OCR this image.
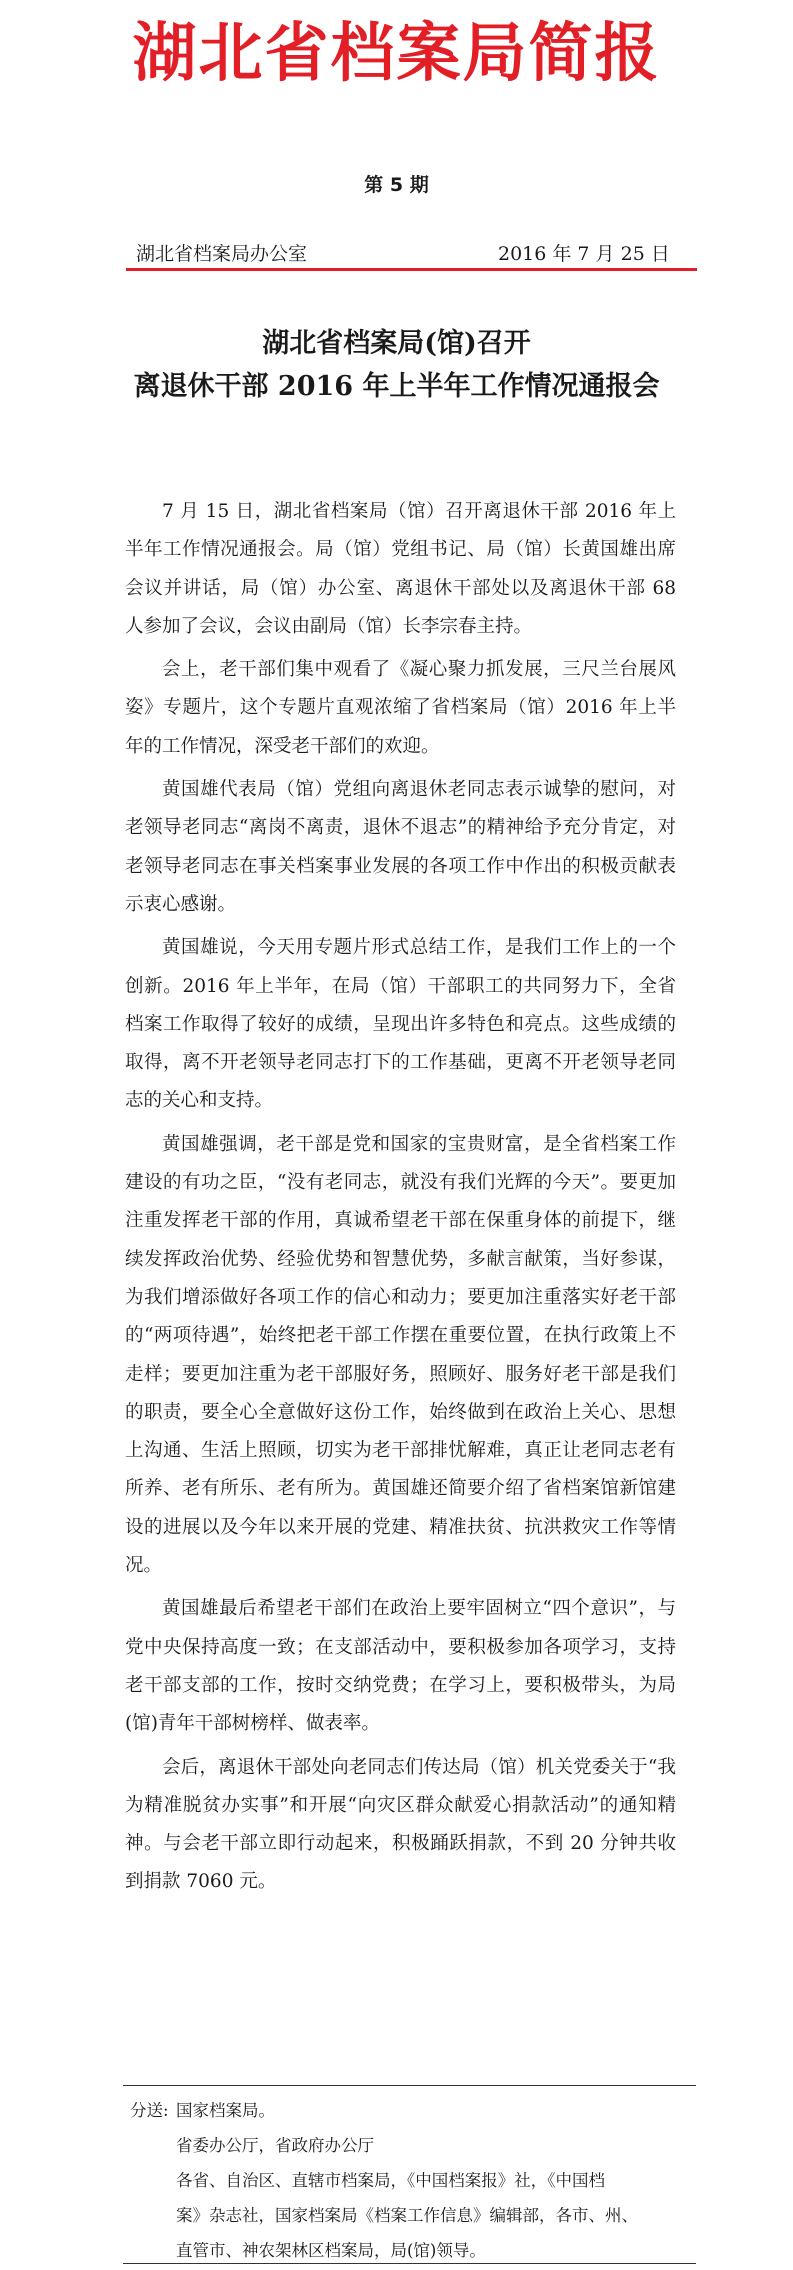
湖北省档案局简报
第 5 期
湖北省档案局办公室	2016 年 7 月 25 日
湖北省档案局(馆)召开
离退休干部 2016 年上半年工作情况通报会

7 月 15 日，湖北省档案局（馆）召开离退休干部 2016 年上半年工作情况通报会。局（馆）党组书记、局（馆）长黄国雄出席会议并讲话，局（馆）办公室、离退休干部处以及离退休干部 68 人参加了会议，会议由副局（馆）长李宗春主持。

会上，老干部们集中观看了《凝心聚力抓发展，三尺兰台展风姿》专题片，这个专题片直观浓缩了省档案局（馆）2016 年上半年的工作情况，深受老干部们的欢迎。

黄国雄代表局（馆）党组向离退休老同志表示诚挚的慰问，对老领导老同志“离岗不离责，退休不退志”的精神给予充分肯定，对老领导老同志在事关档案事业发展的各项工作中作出的积极贡献表示衷心感谢。

黄国雄说，今天用专题片形式总结工作，是我们工作上的一个创新。2016 年上半年，在局（馆）干部职工的共同努力下，全省档案工作取得了较好的成绩，呈现出许多特色和亮点。这些成绩的取得，离不开老领导老同志打下的工作基础，更离不开老领导老同志的关心和支持。

黄国雄强调，老干部是党和国家的宝贵财富，是全省档案工作建设的有功之臣，“没有老同志，就没有我们光辉的今天”。要更加注重发挥老干部的作用，真诚希望老干部在保重身体的前提下，继续发挥政治优势、经验优势和智慧优势，多献言献策，当好参谋，为我们增添做好各项工作的信心和动力；要更加注重落实好老干部的“两项待遇”，始终把老干部工作摆在重要位置，在执行政策上不走样；要更加注重为老干部服好务，照顾好、服务好老干部是我们的职责，要全心全意做好这份工作，始终做到在政治上关心、思想上沟通、生活上照顾，切实为老干部排忧解难，真正让老同志老有所养、老有所乐、老有所为。黄国雄还简要介绍了省档案馆新馆建设的进展以及今年以来开展的党建、精准扶贫、抗洪救灾工作等情况。

黄国雄最后希望老干部们在政治上要牢固树立“四个意识”，与党中央保持高度一致；在支部活动中，要积极参加各项学习，支持老干部支部的工作，按时交纳党费；在学习上，要积极带头，为局(馆)青年干部树榜样、做表率。

会后，离退休干部处向老同志们传达局（馆）机关党委关于“我为精准脱贫办实事”和开展“向灾区群众献爱心捐款活动”的通知精神。与会老干部立即行动起来，积极踊跃捐款，不到 20 分钟共收到捐款 7060 元。

分送: 国家档案局。
省委办公厅，省政府办公厅
各省、自治区、直辖市档案局，《中国档案报》社，《中国档
案》杂志社，国家档案局《档案工作信息》编辑部，各市、州、
直管市、神农架林区档案局，局(馆)领导。
